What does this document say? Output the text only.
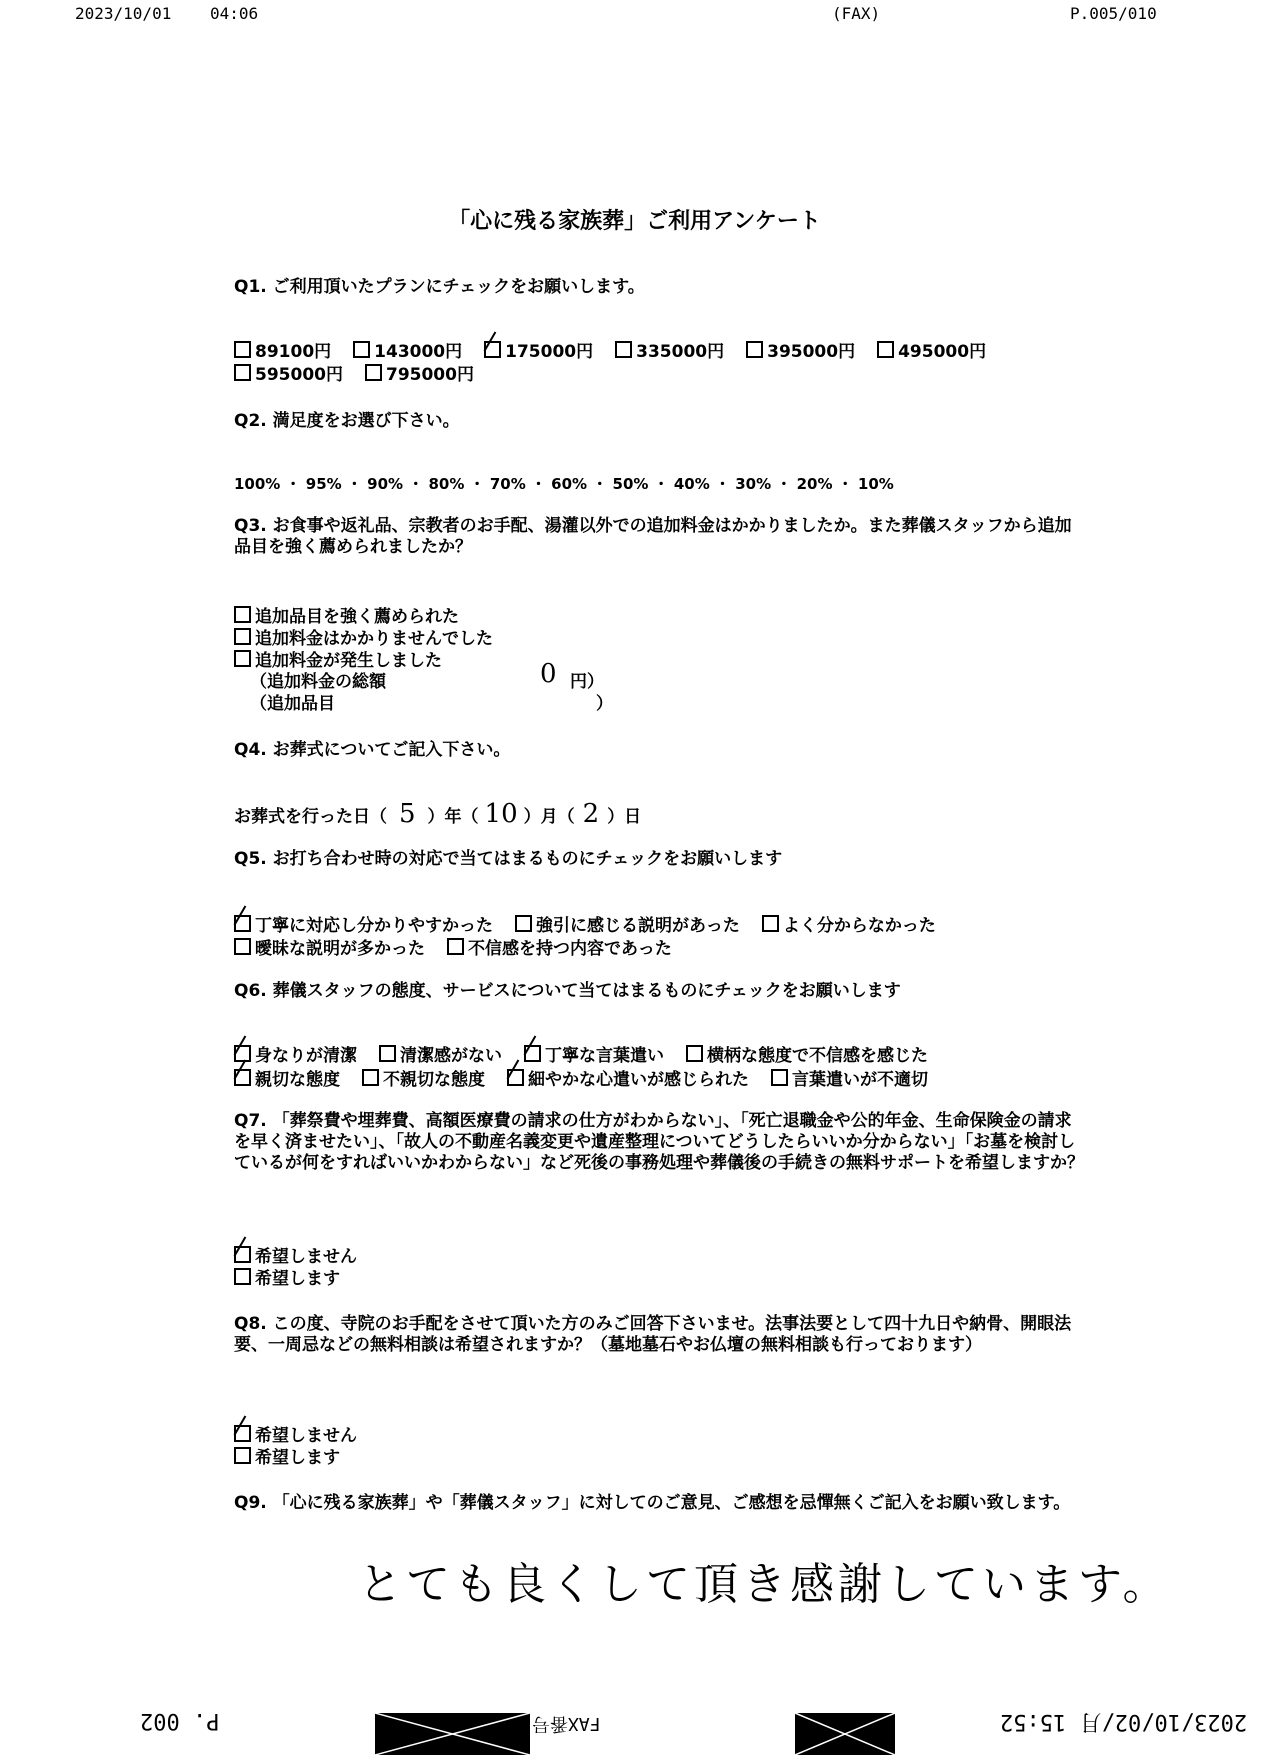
2023/10/01 04:06	(FAX)	P.005/010
「心に残る家族葬」ご利用アンケート
Q1. ご利用頂いたプランにチェックをお願いします。
89100円	143000円	175000円	335000円	395000円	495000円
595000円	795000円
Q2. 満足度をお選び下さい。
100% ・ 95% ・ 90% ・ 80% ・ 70% ・ 60% ・ 50% ・ 40% ・ 30% ・ 20% ・ 10%
Q3. お食事や返礼品、宗教者のお手配、湯灌以外での追加料金はかかりましたか。また葬儀スタッフから追加品目を強く薦められましたか？
追加品目を強く薦められた
追加料金はかかりませんでした
追加料金が発生しました
（追加料金の総額	0 円）
（追加品目	）
Q4. お葬式についてご記入下さい。
お葬式を行った日（ 5 ）年（ 10 ）月（ 2 ）日
Q5. お打ち合わせ時の対応で当てはまるものにチェックをお願いします
丁寧に対応し分かりやすかった	強引に感じる説明があった	よく分からなかった
曖昧な説明が多かった	不信感を持つ内容であった
Q6. 葬儀スタッフの態度、サービスについて当てはまるものにチェックをお願いします
身なりが清潔	清潔感がない	丁寧な言葉遣い	横柄な態度で不信感を感じた
親切な態度	不親切な態度	細やかな心遣いが感じられた	言葉遣いが不適切
Q7. 「葬祭費や埋葬費、高額医療費の請求の仕方がわからない」、「死亡退職金や公的年金、生命保険金の請求を早く済ませたい」、「故人の不動産名義変更や遺産整理についてどうしたらいいか分からない」「お墓を検討しているが何をすればいいかわからない」など死後の事務処理や葬儀後の手続きの無料サポートを希望しますか？
希望しません
希望します
Q8. この度、寺院のお手配をさせて頂いた方のみご回答下さいませ。法事法要として四十九日や納骨、開眼法要、一周忌などの無料相談は希望されますか？（墓地墓石やお仏壇の無料相談も行っております）
希望しません
希望します
Q9. 「心に残る家族葬」や「葬儀スタッフ」に対してのご意見、ご感想を忌憚無くご記入をお願い致します。
とても良くして頂き感謝しています。
P. 002	FAX番号	2023/10/02/月 15:52
